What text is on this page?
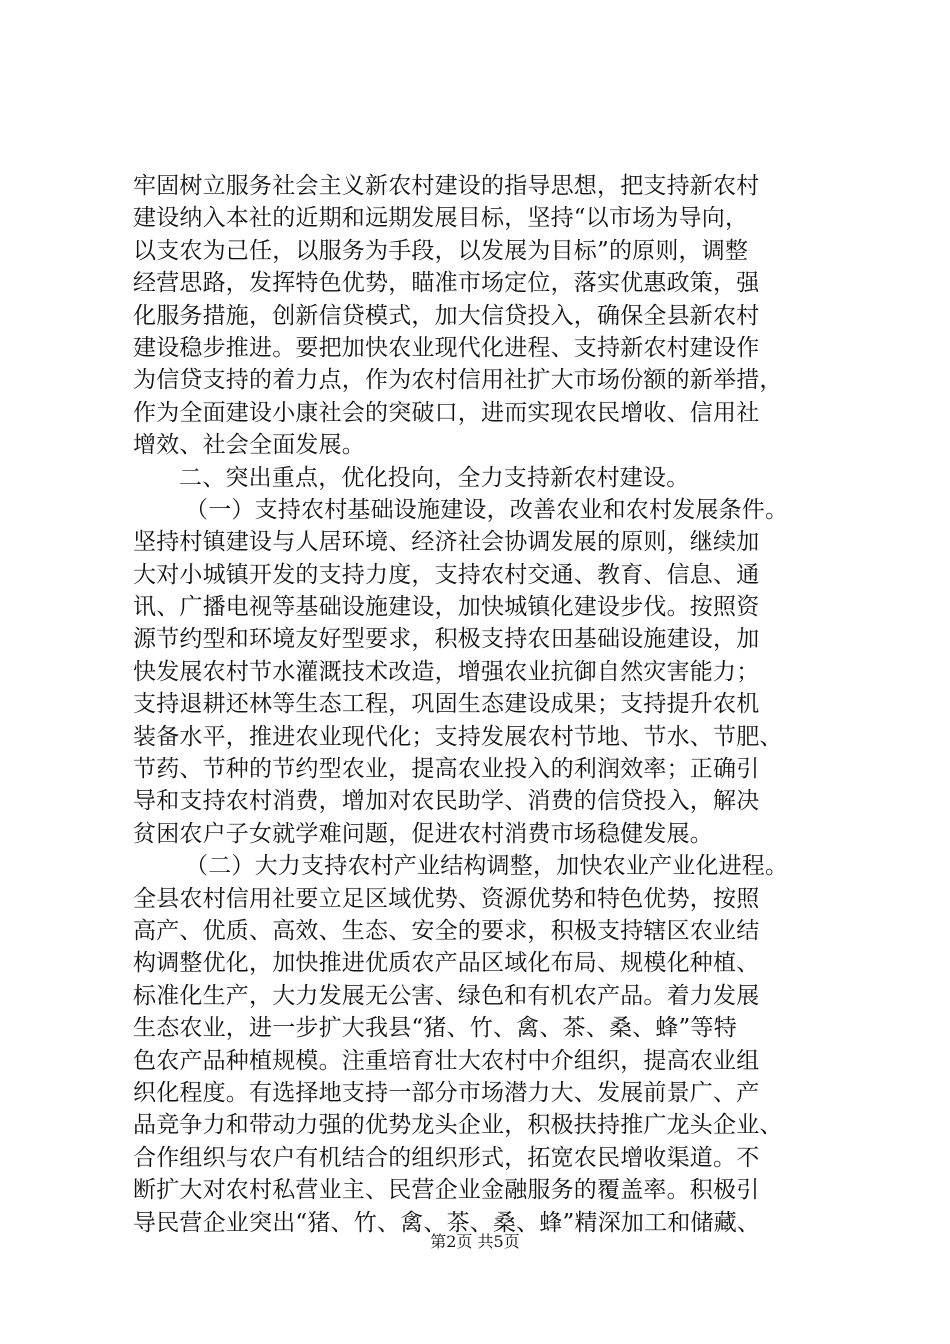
牢固树立服务社会主义新农村建设的指导思想，把支持新农村
建设纳入本社的近期和远期发展目标，坚持“以市场为导向，
以支农为己任，以服务为手段，以发展为目标”的原则，调整
经营思路，发挥特色优势，瞄准市场定位，落实优惠政策，强
化服务措施，创新信贷模式，加大信贷投入，确保全县新农村
建设稳步推进。要把加快农业现代化进程、支持新农村建设作
为信贷支持的着力点，作为农村信用社扩大市场份额的新举措，
作为全面建设小康社会的突破口，进而实现农民增收、信用社
增效、社会全面发展。
二、突出重点，优化投向，全力支持新农村建设。
（一）支持农村基础设施建设，改善农业和农村发展条件。
坚持村镇建设与人居环境、经济社会协调发展的原则，继续加
大对小城镇开发的支持力度，支持农村交通、教育、信息、通
讯、广播电视等基础设施建设，加快城镇化建设步伐。按照资
源节约型和环境友好型要求，积极支持农田基础设施建设，加
快发展农村节水灌溉技术改造，增强农业抗御自然灾害能力；
支持退耕还林等生态工程，巩固生态建设成果；支持提升农机
装备水平，推进农业现代化；支持发展农村节地、节水、节肥、
节药、节种的节约型农业，提高农业投入的利润效率；正确引
导和支持农村消费，增加对农民助学、消费的信贷投入，解决
贫困农户子女就学难问题，促进农村消费市场稳健发展。
（二）大力支持农村产业结构调整，加快农业产业化进程。
全县农村信用社要立足区域优势、资源优势和特色优势，按照
高产、优质、高效、生态、安全的要求，积极支持辖区农业结
构调整优化，加快推进优质农产品区域化布局、规模化种植、
标准化生产，大力发展无公害、绿色和有机农产品。着力发展
生态农业，进一步扩大我县“猪、竹、禽、茶、桑、蜂”等特
色农产品种植规模。注重培育壮大农村中介组织，提高农业组
织化程度。有选择地支持一部分市场潜力大、发展前景广、产
品竞争力和带动力强的优势龙头企业，积极扶持推广龙头企业、
合作组织与农户有机结合的组织形式，拓宽农民增收渠道。不
断扩大对农村私营业主、民营企业金融服务的覆盖率。积极引
导民营企业突出“猪、竹、禽、茶、桑、蜂”精深加工和储藏、
第2页 共5页
